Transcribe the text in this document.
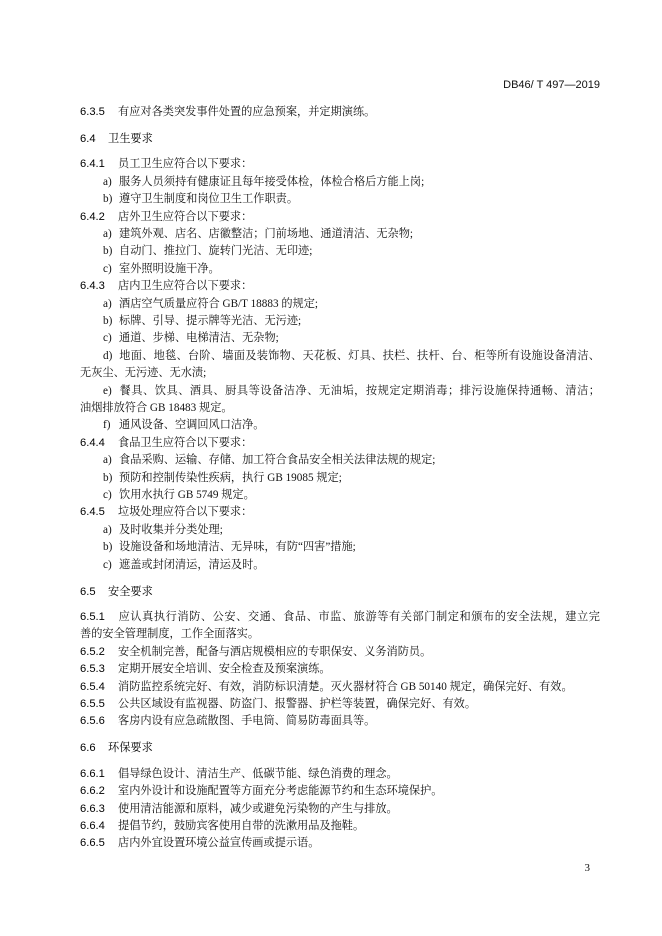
DB46/ T 497—2019
6.3.5 有应对各类突发事件处置的应急预案，并定期演练。
6.4 卫生要求
6.4.1 员工卫生应符合以下要求：
a) 服务人员须持有健康证且每年接受体检，体检合格后方能上岗;
b) 遵守卫生制度和岗位卫生工作职责。
6.4.2 店外卫生应符合以下要求：
a) 建筑外观、店名、店徽整洁；门前场地、通道清洁、无杂物;
b) 自动门、推拉门、旋转门光洁、无印迹;
c) 室外照明设施干净。
6.4.3 店内卫生应符合以下要求：
a) 酒店空气质量应符合 GB/T 18883 的规定;
b) 标牌、引导、提示牌等光洁、无污迹;
c) 通道、步梯、电梯清洁、无杂物;
d) 地面、地毯、台阶、墙面及装饰物、天花板、灯具、扶栏、扶杆、台、柜等所有设施设备清洁、
无灰尘、无污迹、无水渍;
e) 餐具、饮具、酒具、厨具等设备洁净、无油垢，按规定定期消毒；排污设施保持通畅、清洁；
油烟排放符合 GB 18483 规定。
f) 通风设备、空调回风口洁净。
6.4.4 食品卫生应符合以下要求：
a) 食品采购、运输、存储、加工符合食品安全相关法律法规的规定;
b) 预防和控制传染性疾病，执行 GB 19085 规定;
c) 饮用水执行 GB 5749 规定。
6.4.5 垃圾处理应符合以下要求：
a) 及时收集并分类处理;
b) 设施设备和场地清洁、无异味，有防“四害”措施;
c) 遮盖或封闭清运，清运及时。
6.5 安全要求
6.5.1 应认真执行消防、公安、交通、食品、市监、旅游等有关部门制定和颁布的安全法规，建立完
善的安全管理制度，工作全面落实。
6.5.2 安全机制完善，配备与酒店规模相应的专职保安、义务消防员。
6.5.3 定期开展安全培训、安全检查及预案演练。
6.5.4 消防监控系统完好、有效，消防标识清楚。灭火器材符合 GB 50140 规定，确保完好、有效。
6.5.5 公共区域设有监视器、防盗门、报警器、护栏等装置，确保完好、有效。
6.5.6 客房内设有应急疏散图、手电筒、简易防毒面具等。
6.6 环保要求
6.6.1 倡导绿色设计、清洁生产、低碳节能、绿色消费的理念。
6.6.2 室内外设计和设施配置等方面充分考虑能源节约和生态环境保护。
6.6.3 使用清洁能源和原料，减少或避免污染物的产生与排放。
6.6.4 提倡节约，鼓励宾客使用自带的洗漱用品及拖鞋。
6.6.5 店内外宜设置环境公益宣传画或提示语。
3
